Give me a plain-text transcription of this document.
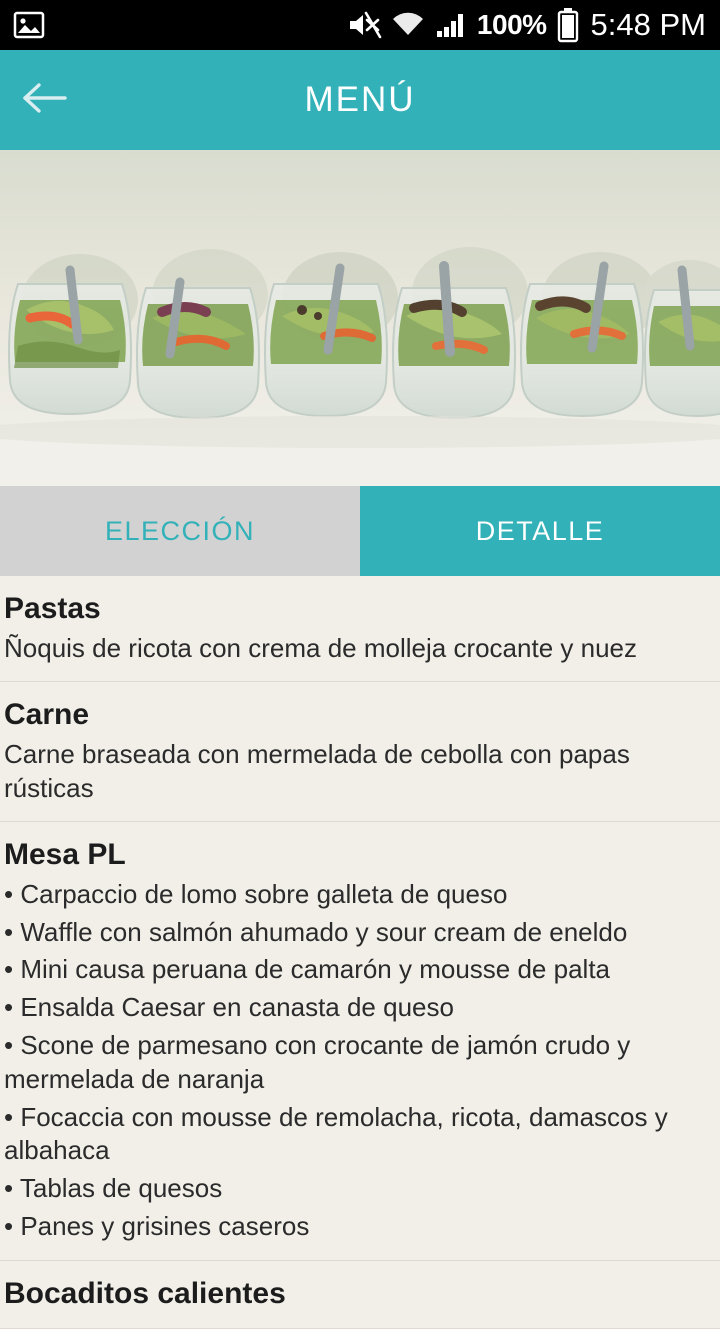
100% 5:48 PM
MENÚ
ELECCIÓN	DETALLE
Pastas
Ñoquis de ricota con crema de molleja crocante y nuez
Carne
Carne braseada con mermelada de cebolla con papas rústicas
Mesa PL
• Carpaccio de lomo sobre galleta de queso
• Waffle con salmón ahumado y sour cream de eneldo
• Mini causa peruana de camarón y mousse de palta
• Ensalda Caesar en canasta de queso
• Scone de parmesano con crocante de jamón crudo y mermelada de naranja
• Focaccia con mousse de remolacha, ricota, damascos y albahaca
• Tablas de quesos
• Panes y grisines caseros
Bocaditos calientes
